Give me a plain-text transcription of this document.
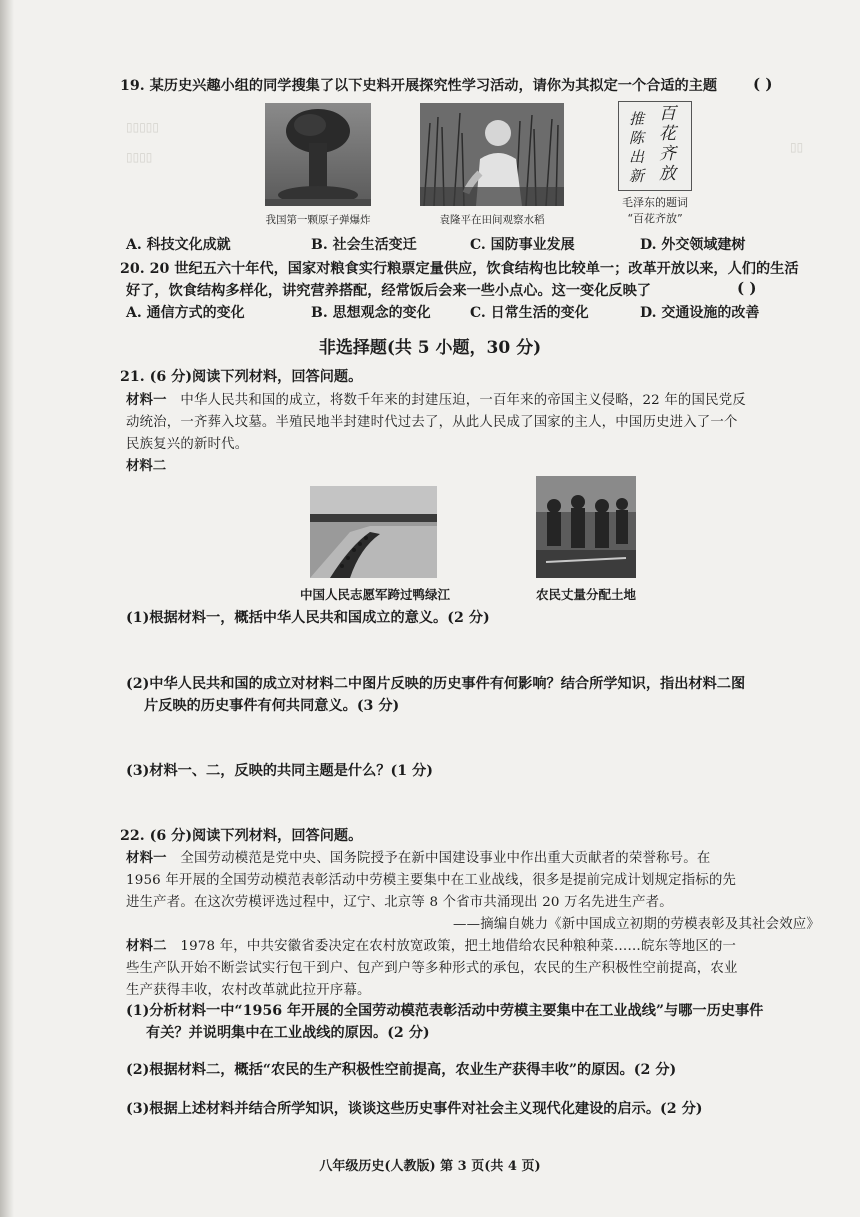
▯▯▯▯▯
▯▯▯▯
▯▯
19. 某历史兴趣小组的同学搜集了以下史料开展探究性学习活动，请你为其拟定一个合适的主题 ( )
我国第一颗原子弹爆炸	袁隆平在田间观察水稻
百
花
齐
放
推
陈
出
新
毛泽东的题词
“百花齐放”
A. 科技文化成就	B. 社会生活变迁	C. 国防事业发展	D. 外交领域建树
20. 20 世纪五六十年代，国家对粮食实行粮票定量供应，饮食结构也比较单一；改革开放以来，人们的生活
好了，饮食结构多样化，讲究营养搭配，经常饭后会来一些小点心。这一变化反映了	( )
A. 通信方式的变化	B. 思想观念的变化	C. 日常生活的变化	D. 交通设施的改善
非选择题(共 5 小题，30 分)
21. (6 分)阅读下列材料，回答问题。
材料一　中华人民共和国的成立，将数千年来的封建压迫，一百年来的帝国主义侵略，22 年的国民党反
动统治，一齐葬入坟墓。半殖民地半封建时代过去了，从此人民成了国家的主人，中国历史进入了一个
民族复兴的新时代。
材料二
中国人民志愿军跨过鸭绿江	农民丈量分配土地
(1)根据材料一，概括中华人民共和国成立的意义。(2 分)
(2)中华人民共和国的成立对材料二中图片反映的历史事件有何影响？结合所学知识，指出材料二图
片反映的历史事件有何共同意义。(3 分)
(3)材料一、二，反映的共同主题是什么？(1 分)
22. (6 分)阅读下列材料，回答问题。
材料一　全国劳动模范是党中央、国务院授予在新中国建设事业中作出重大贡献者的荣誉称号。在
1956 年开展的全国劳动模范表彰活动中劳模主要集中在工业战线，很多是提前完成计划规定指标的先
进生产者。在这次劳模评选过程中，辽宁、北京等 8 个省市共涌现出 20 万名先进生产者。
——摘编自姚力《新中国成立初期的劳模表彰及其社会效应》
材料二　1978 年，中共安徽省委决定在农村放宽政策，把土地借给农民种粮种菜……皖东等地区的一
些生产队开始不断尝试实行包干到户、包产到户等多种形式的承包，农民的生产积极性空前提高，农业
生产获得丰收，农村改革就此拉开序幕。
(1)分析材料一中“1956 年开展的全国劳动模范表彰活动中劳模主要集中在工业战线”与哪一历史事件
有关？并说明集中在工业战线的原因。(2 分)
(2)根据材料二，概括“农民的生产积极性空前提高，农业生产获得丰收”的原因。(2 分)
(3)根据上述材料并结合所学知识，谈谈这些历史事件对社会主义现代化建设的启示。(2 分)
八年级历史(人教版) 第 3 页(共 4 页)
